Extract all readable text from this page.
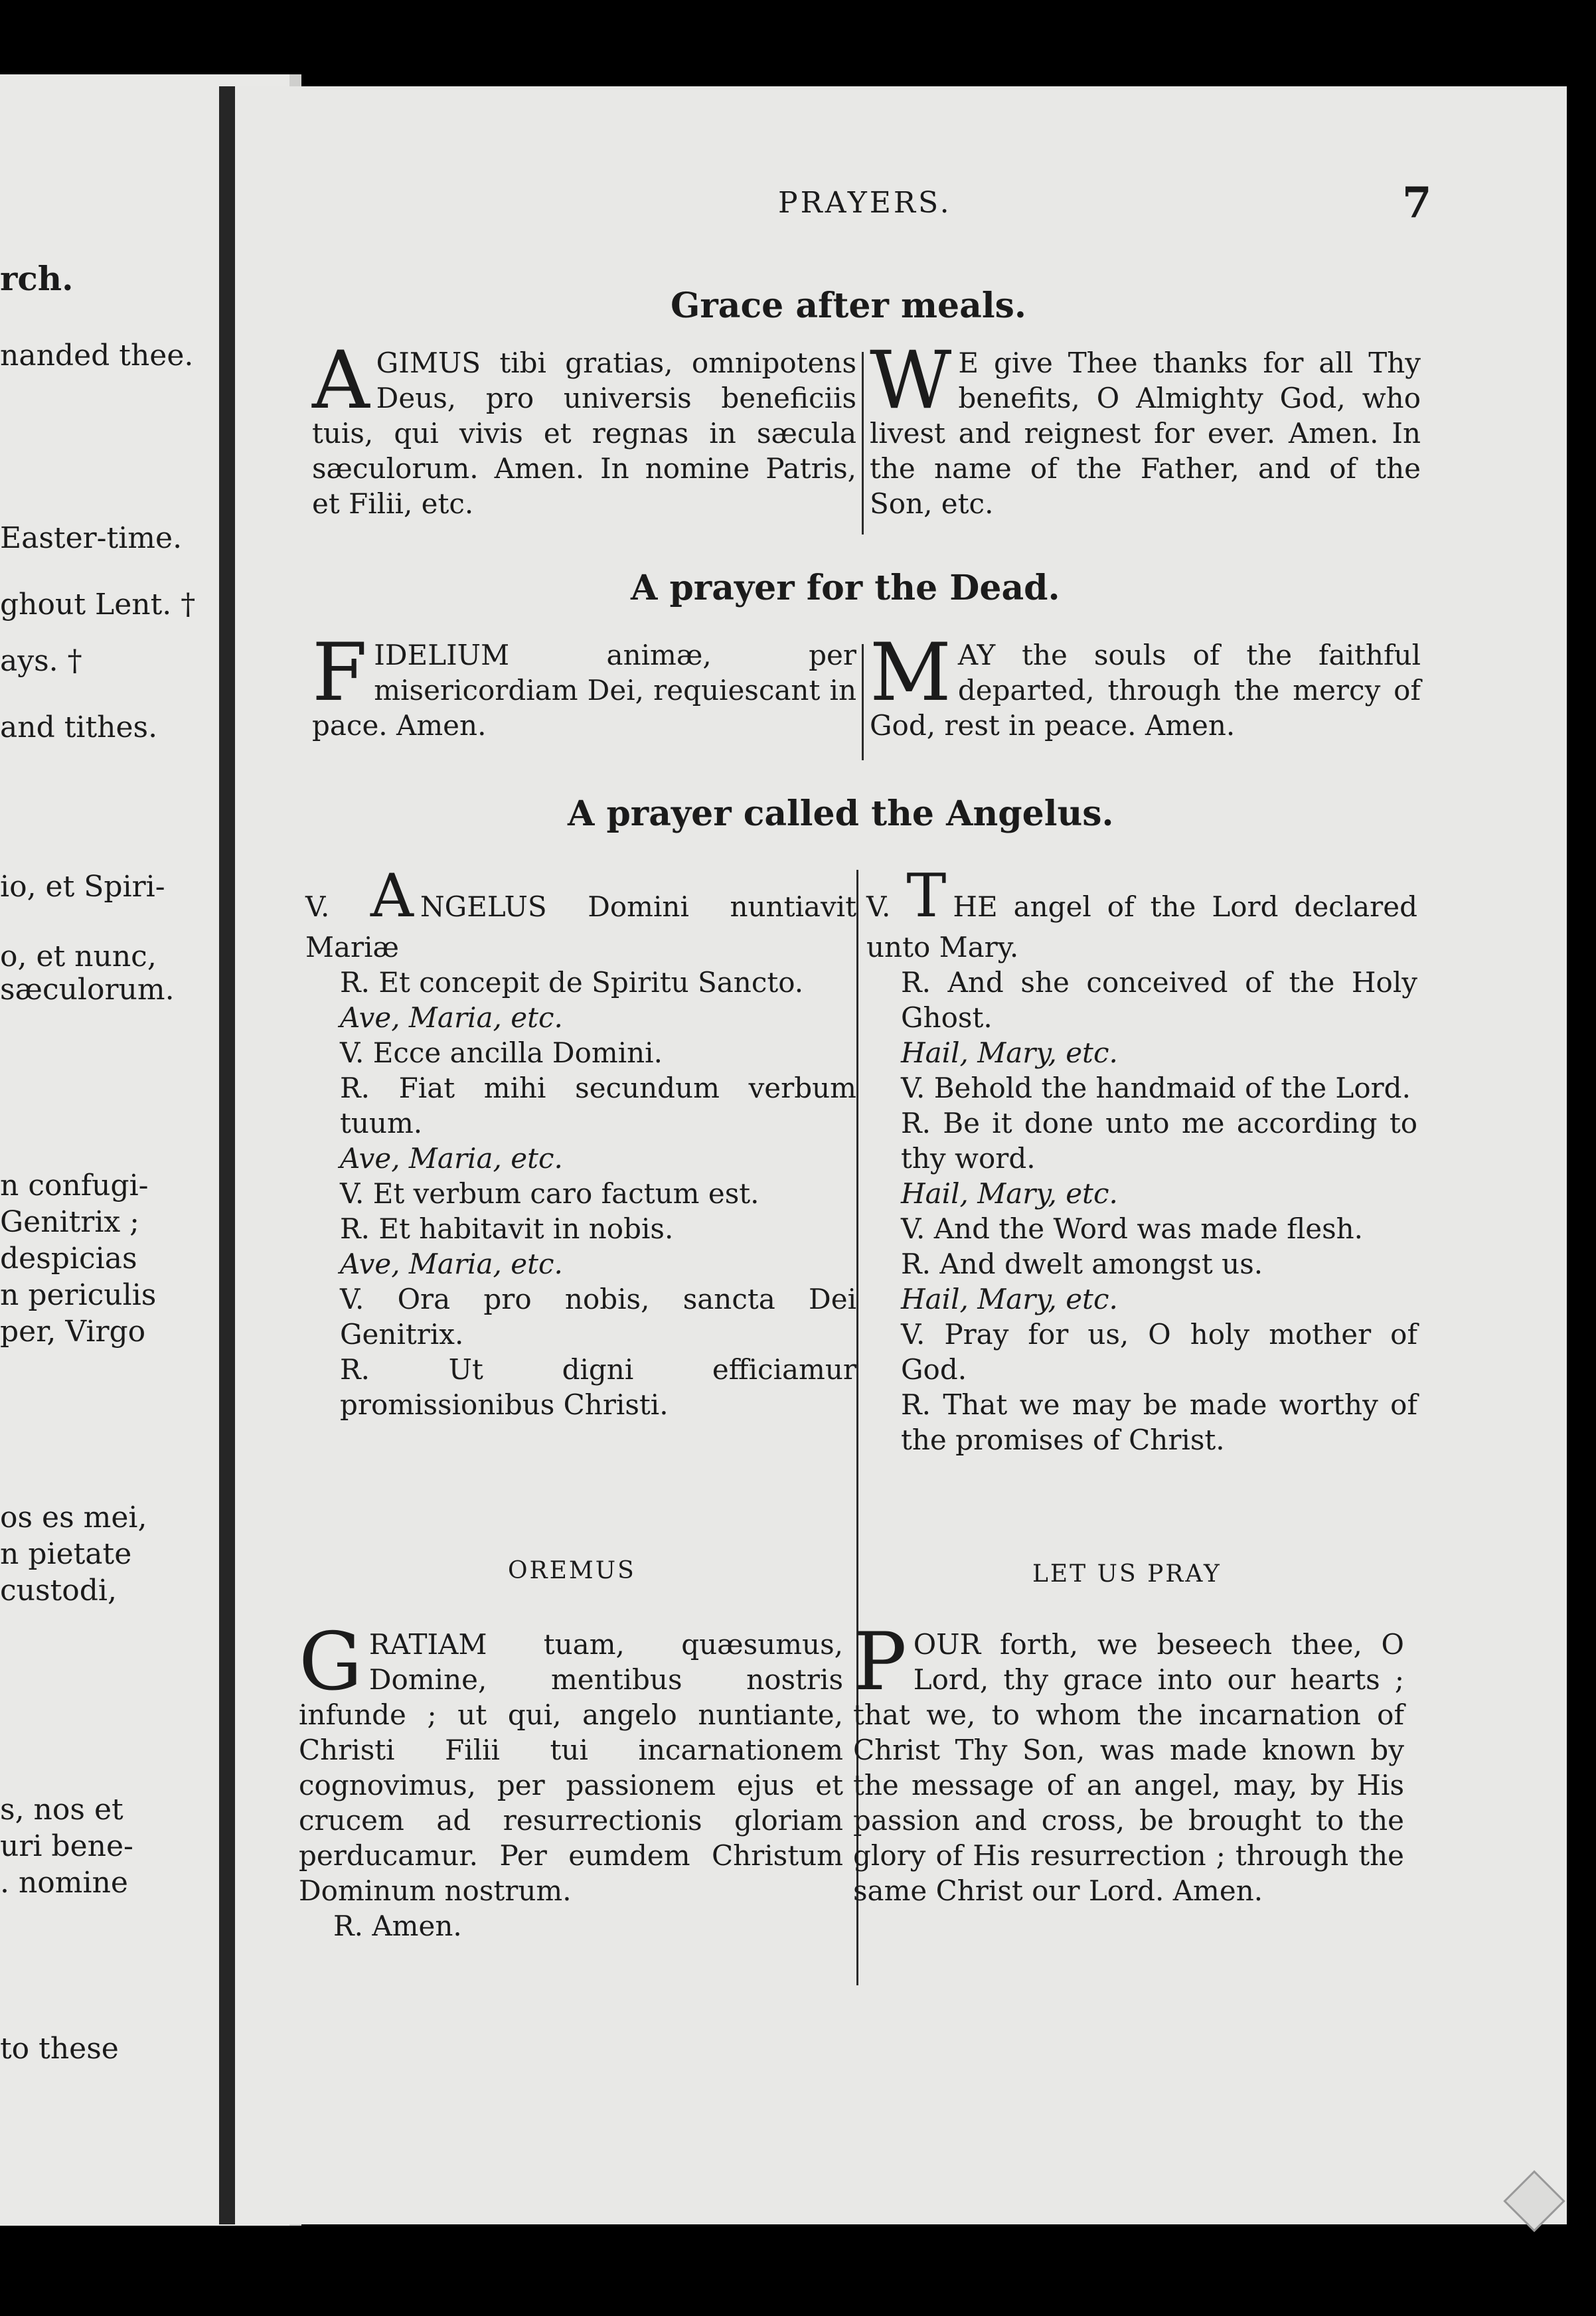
rch.
nanded thee.
Easter-time.
ghout Lent. †
ays. †
and tithes.
io, et Spiri-
o, et nunc,
sæculorum.
n confugi-
Genitrix ;
despicias
n periculis
per, Virgo
os es mei,
n pietate
custodi,
s, nos et
uri bene-
. nomine
to these
PRAYERS.	7
Grace after meals.

AGIMUS tibi gratias, omnipotens Deus, pro universis beneficiis tuis, qui vivis et regnas in sæcula sæculorum. Amen. In nomine Patris, et Filii, etc.

W E give Thee thanks for all Thy benefits, O Almighty God, who livest and reignest for ever. Amen. In the name of the Father, and of the Son, etc.

A prayer for the Dead.

FIDELIUM animæ, per misericordiam Dei, requiescant in pace. Amen.

MAY the souls of the faithful departed, through the mercy of God, rest in peace. Amen.

A prayer called the Angelus.

V. A NGELUS Domini nuntiavit Mariæ

R. Et concepit de Spiritu Sancto.

Ave, Maria, etc.

V. Ecce ancilla Domini.

R. Fiat mihi secundum verbum tuum.

Ave, Maria, etc.

V. Et verbum caro factum est.

R. Et habitavit in nobis.

Ave, Maria, etc.

V. Ora pro nobis, sancta Dei Genitrix.

R. Ut digni efficiamur promissionibus Christi.

V. T HE angel of the Lord declared unto Mary.

R. And she conceived of the Holy Ghost.

Hail, Mary, etc.

V. Behold the handmaid of the Lord.

R. Be it done unto me according to thy word.

Hail, Mary, etc.

V. And the Word was made flesh.

R. And dwelt amongst us.

Hail, Mary, etc.

V. Pray for us, O holy mother of God.

R. That we may be made worthy of the promises of Christ.

OREMUS	LET US PRAY

GRATIAM tuam, quæsumus, Domine, mentibus nostris infunde ; ut qui, angelo nuntiante, Christi Filii tui incarnationem cognovimus, per passionem ejus et crucem ad resurrectionis gloriam perducamur. Per eumdem Christum Dominum nostrum.

R. Amen.

POUR forth, we beseech thee, O Lord, thy grace into our hearts ; that we, to whom the incarnation of Christ Thy Son, was made known by the message of an angel, may, by His passion and cross, be brought to the glory of His resurrection ; through the same Christ our Lord. Amen.
